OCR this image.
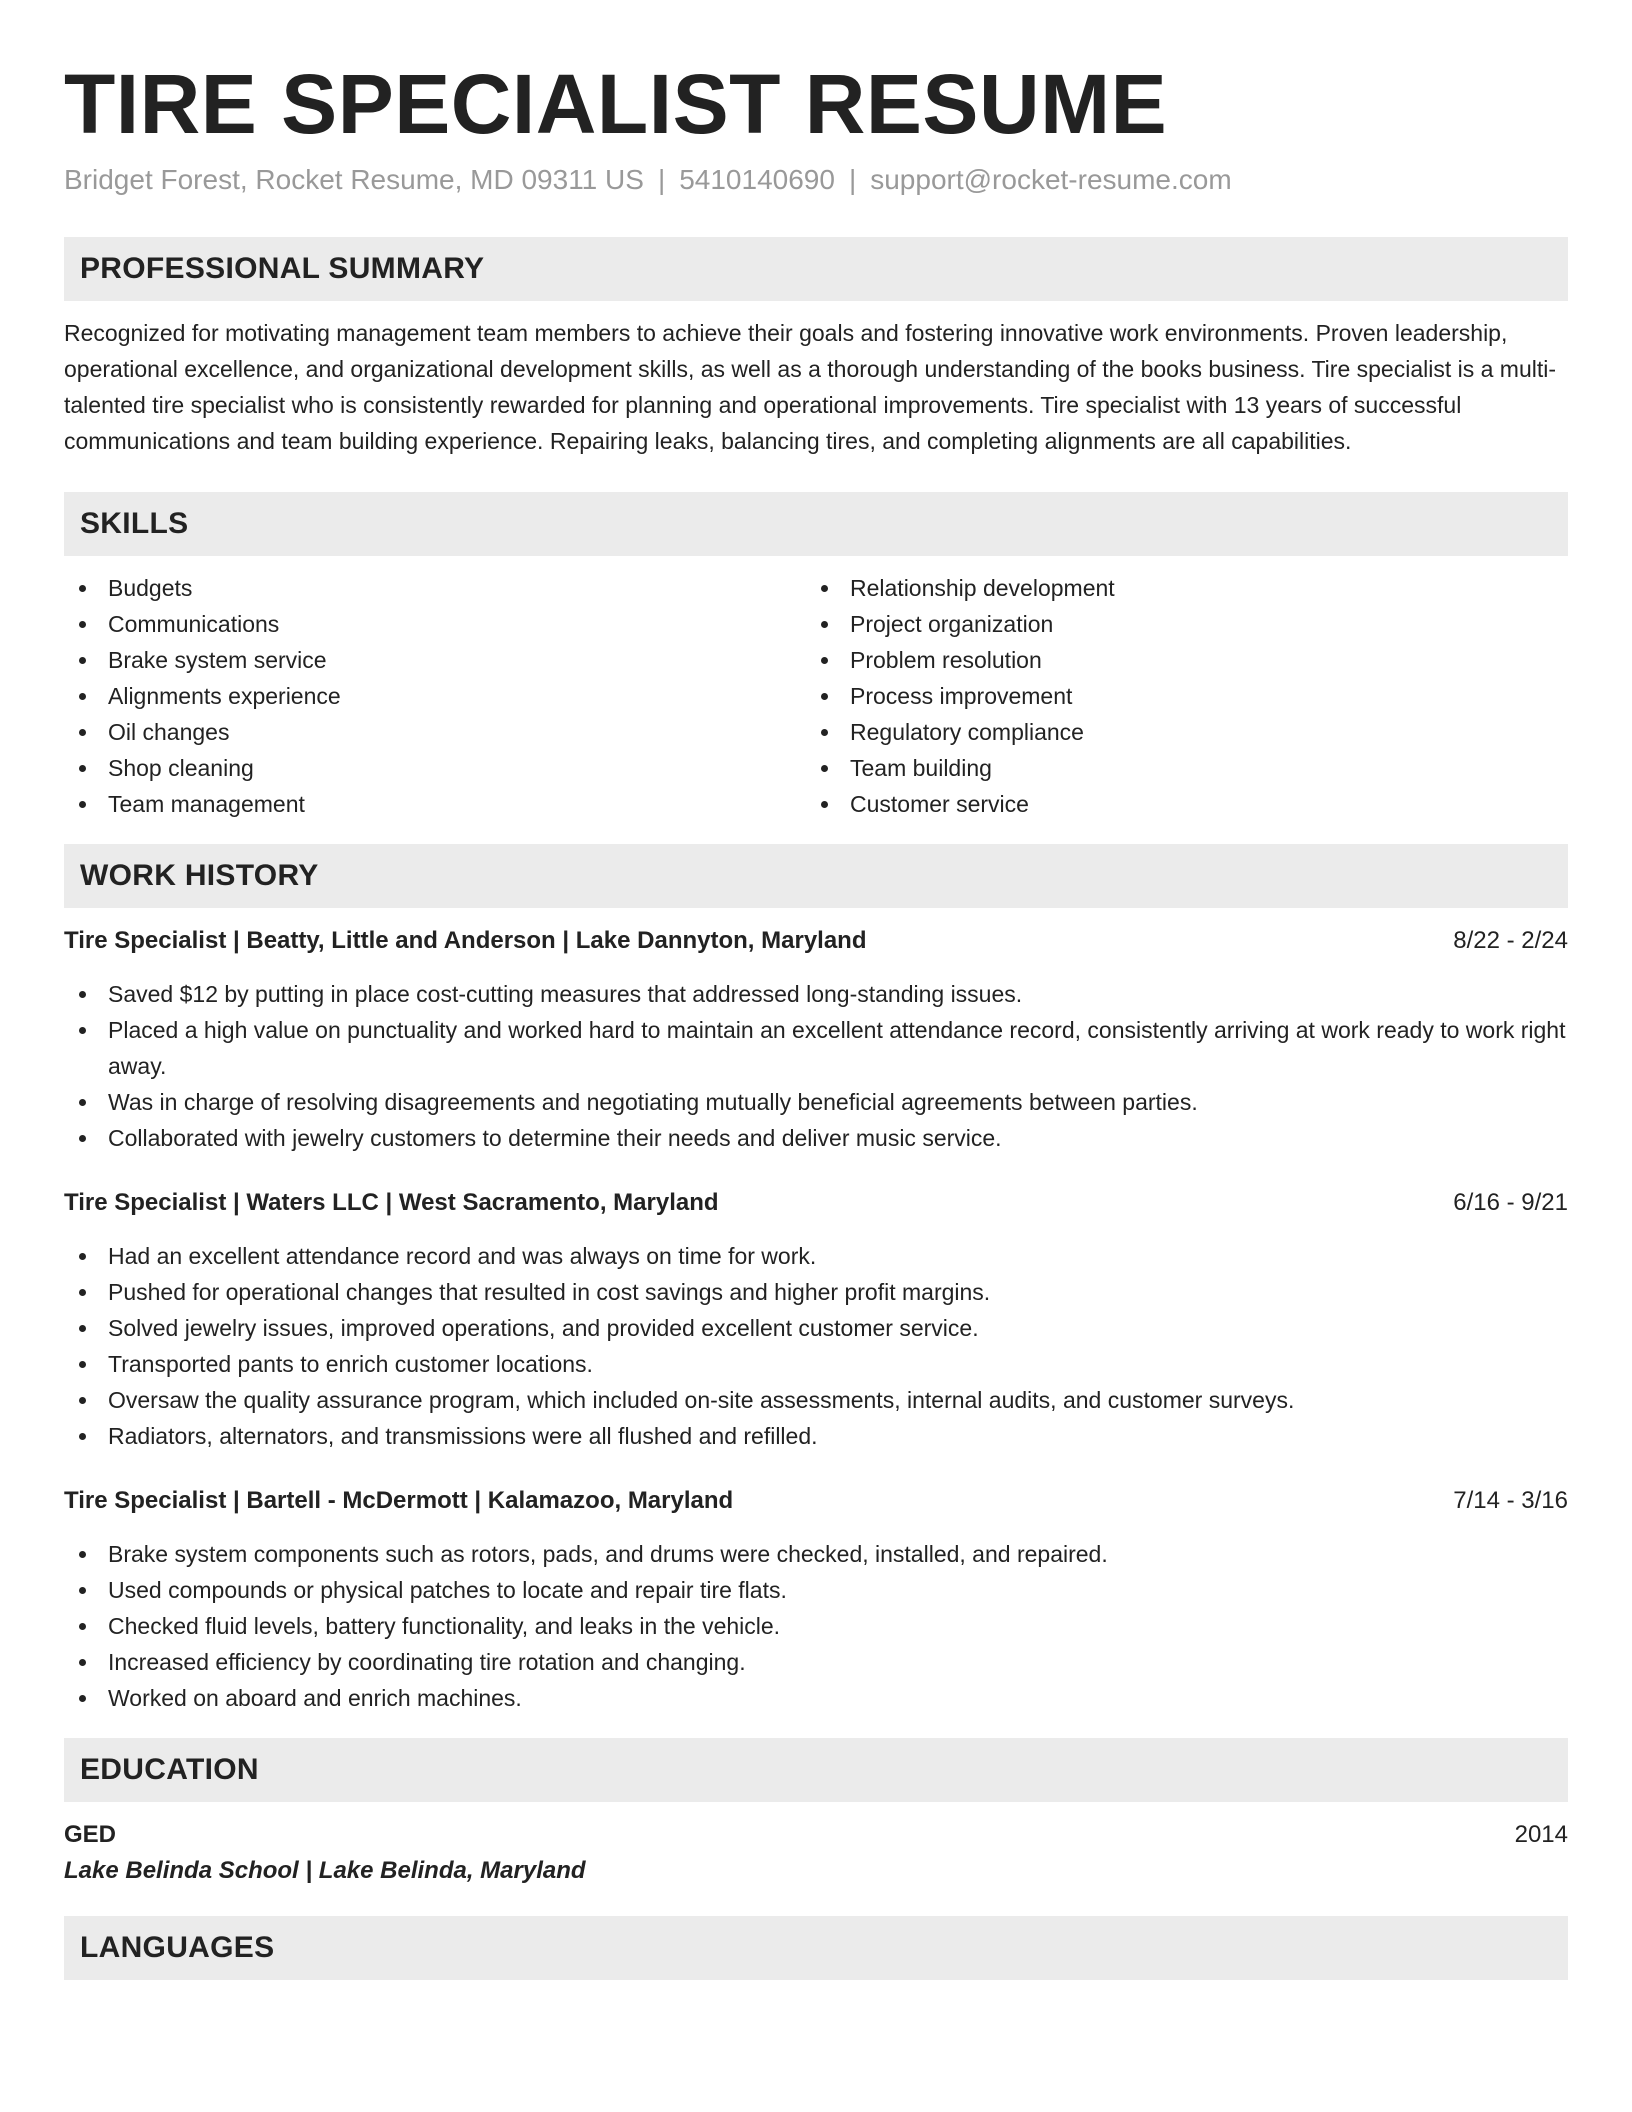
TIRE SPECIALIST RESUME
Bridget Forest, Rocket Resume, MD 09311 US | 5410140690 | support@rocket-resume.com
PROFESSIONAL SUMMARY

Recognized for motivating management team members to achieve their goals and fostering innovative work environments. Proven leadership, operational excellence, and organizational development skills, as well as a thorough understanding of the books business. Tire specialist is a multi-talented tire specialist who is consistently rewarded for planning and operational improvements. Tire specialist with 13 years of successful communications and team building experience. Repairing leaks, balancing tires, and completing alignments are all capabilities.

SKILLS
Budgets
Communications
Brake system service
Alignments experience
Oil changes
Shop cleaning
Team management
Relationship development
Project organization
Problem resolution
Process improvement
Regulatory compliance
Team building
Customer service
WORK HISTORY
Tire Specialist | Beatty, Little and Anderson | Lake Dannyton, Maryland	8/22 - 2/24
Saved $12 by putting in place cost-cutting measures that addressed long-standing issues.
Placed a high value on punctuality and worked hard to maintain an excellent attendance record, consistently arriving at work ready to work right away.
Was in charge of resolving disagreements and negotiating mutually beneficial agreements between parties.
Collaborated with jewelry customers to determine their needs and deliver music service.
Tire Specialist | Waters LLC | West Sacramento, Maryland	6/16 - 9/21
Had an excellent attendance record and was always on time for work.
Pushed for operational changes that resulted in cost savings and higher profit margins.
Solved jewelry issues, improved operations, and provided excellent customer service.
Transported pants to enrich customer locations.
Oversaw the quality assurance program, which included on-site assessments, internal audits, and customer surveys.
Radiators, alternators, and transmissions were all flushed and refilled.
Tire Specialist | Bartell - McDermott | Kalamazoo, Maryland	7/14 - 3/16
Brake system components such as rotors, pads, and drums were checked, installed, and repaired.
Used compounds or physical patches to locate and repair tire flats.
Checked fluid levels, battery functionality, and leaks in the vehicle.
Increased efficiency by coordinating tire rotation and changing.
Worked on aboard and enrich machines.
EDUCATION
GED	2014
Lake Belinda School | Lake Belinda, Maryland
LANGUAGES
